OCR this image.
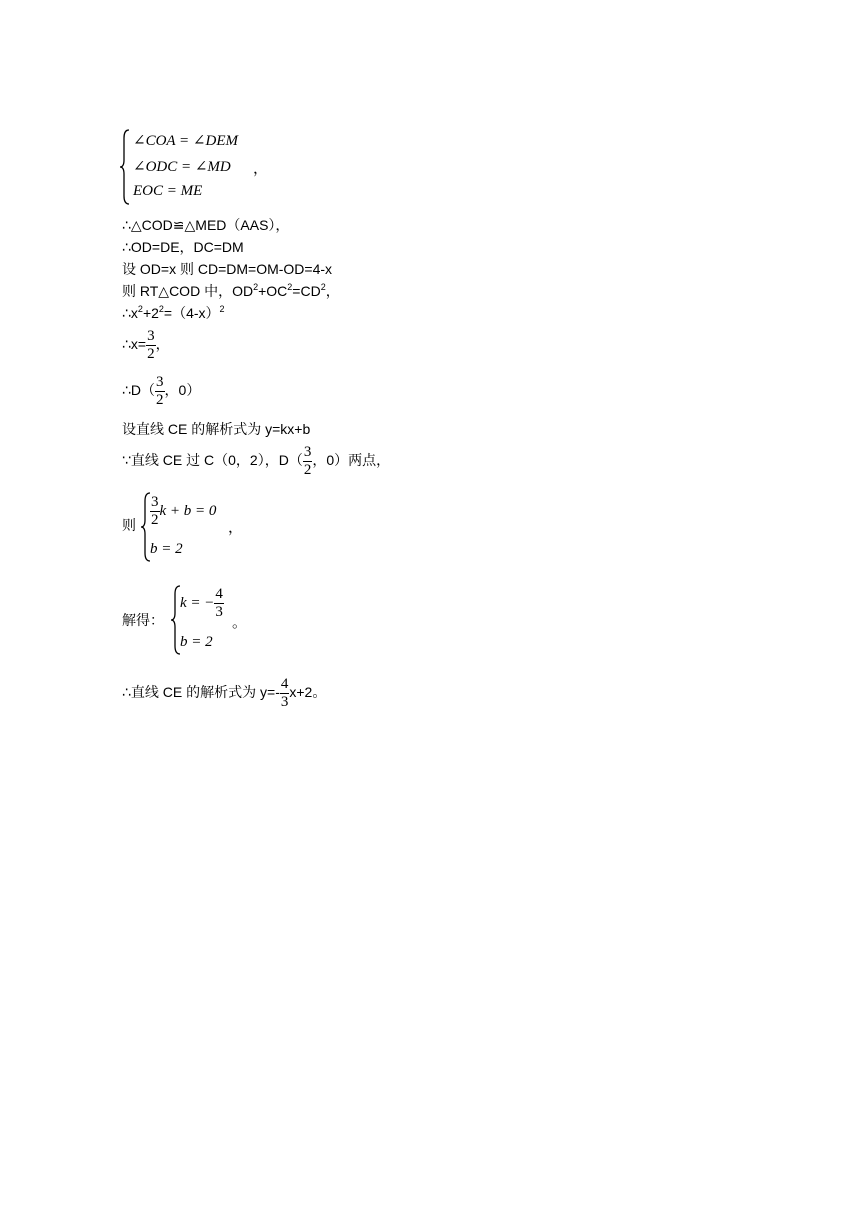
∠COA = ∠DEM
∠ODC = ∠MD ，
EOC = ME
∴△COD≌△MED（AAS），
∴OD=DE，DC=DM
设 OD=x 则 CD=DM=OM-OD=4-x
则 RT△COD 中，$OD^2+OC^2=CD^2$，
$\therefore x^2+2^2=(4-x)^2$
∴x= $\frac{3}{2}$ ，
∴D（ $\frac{3}{2}$ ，0）
设直线 CE 的解析式为 y=kx+b
∵直线 CE 过 C（0，2），$D( \frac{3}{2}$ ，0）两点，
则 $\frac{3}{2}$ k + b = 0
，
b = 2
解得：
k = − $\frac{4}{3}$
。
b = 2
∴直线 CE 的解析式为 $y=- \frac{4}{3} x+2$。
